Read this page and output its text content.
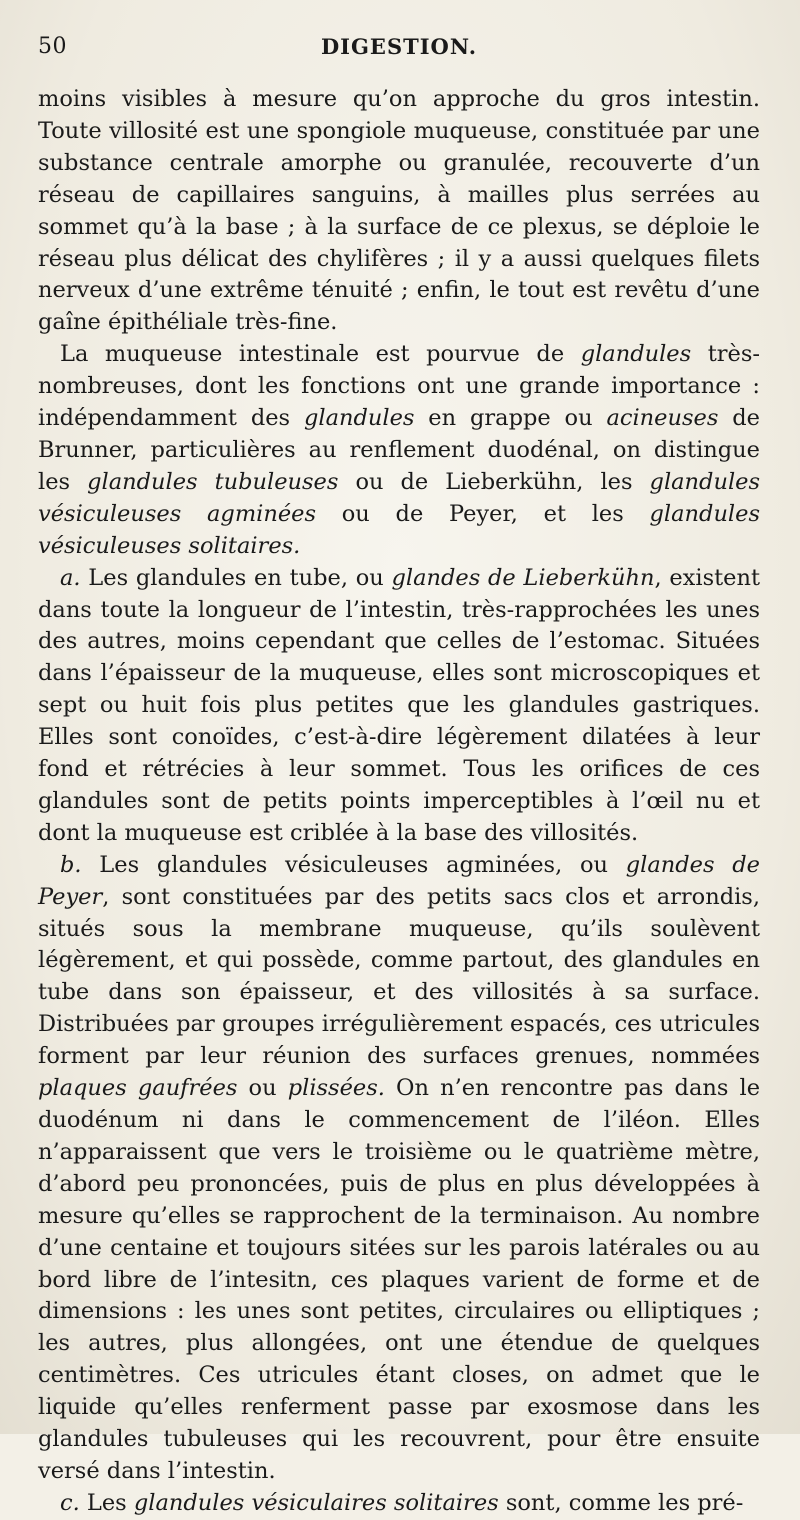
50	DIGESTION.

moins visibles à mesure qu’on approche du gros intestin. Toute villosité est une spongiole muqueuse, constituée par une substance centrale amorphe ou granulée, recouverte d’un réseau de capillaires sanguins, à mailles plus serrées au sommet qu’à la base ; à la surface de ce plexus, se déploie le réseau plus délicat des chylifères ; il y a aussi quelques filets nerveux d’une extrême ténuité ; enfin, le tout est revêtu d’une gaîne épithéliale très-fine.

La muqueuse intestinale est pourvue de glandules très-nombreuses, dont les fonctions ont une grande importance : indépendamment des glandules en grappe ou acineuses de Brunner, particulières au renflement duodénal, on distingue les glandules tubuleuses ou de Lieberkühn, les glandules vésiculeuses agminées ou de Peyer, et les glandules vésiculeuses solitaires.

a. Les glandules en tube, ou glandes de Lieberkühn, existent dans toute la longueur de l’intestin, très-rapprochées les unes des autres, moins cependant que celles de l’estomac. Situées dans l’épaisseur de la muqueuse, elles sont microscopiques et sept ou huit fois plus petites que les glandules gastriques. Elles sont conoïdes, c’est-à-dire légèrement dilatées à leur fond et rétrécies à leur sommet. Tous les orifices de ces glandules sont de petits points imperceptibles à l’œil nu et dont la muqueuse est criblée à la base des villosités.

b. Les glandules vésiculeuses agminées, ou glandes de Peyer, sont constituées par des petits sacs clos et arrondis, situés sous la membrane muqueuse, qu’ils soulèvent légèrement, et qui possède, comme partout, des glandules en tube dans son épaisseur, et des villosités à sa surface. Distribuées par groupes irrégulièrement espacés, ces utricules forment par leur réunion des surfaces grenues, nommées plaques gaufrées ou plissées. On n’en rencontre pas dans le duodénum ni dans le commencement de l’iléon. Elles n’apparaissent que vers le troisième ou le quatrième mètre, d’abord peu prononcées, puis de plus en plus développées à mesure qu’elles se rapprochent de la terminaison. Au nombre d’une centaine et toujours sitées sur les parois latérales ou au bord libre de l’intesitn, ces plaques varient de forme et de dimensions : les unes sont petites, circulaires ou elliptiques ; les autres, plus allongées, ont une étendue de quelques centimètres. Ces utricules étant closes, on admet que le liquide qu’elles renferment passe par exosmose dans les glandules tubuleuses qui les recouvrent, pour être ensuite versé dans l’intestin.

c. Les glandules vésiculaires solitaires sont, comme les pré-
